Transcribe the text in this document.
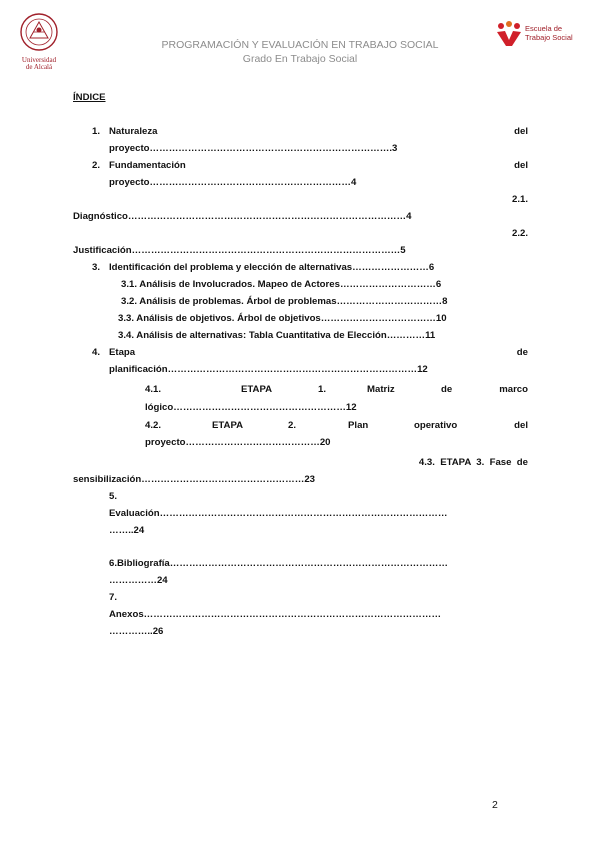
Universidad
de Alcalá
PROGRAMACIÓN Y EVALUACIÓN EN TRABAJO SOCIAL
Grado En Trabajo Social
Escuela de
Trabajo Social
ÍNDICE
1. Naturaleza	del
proyecto………………………………………………………………….3
2. Fundamentación	del
proyecto………………………………………………………4
2.1.
Diagnóstico……………………………………………………………………………4
2.2.
Justificación…………………………………………………………………………5
3. Identificación del problema y elección de alternativas……………………6
3.1. Análisis de Involucrados. Mapeo de Actores…………………………6
3.2. Análisis de problemas. Árbol de problemas……………………………8
3.3. Análisis de objetivos. Árbol de objetivos………………………………10
3.4. Análisis de alternativas: Tabla Cuantitativa de Elección…………11
4. Etapa	de
planificación……………………………………………………………………12
4.1.	ETAPA	1.	Matriz	de	marco
lógico………………………………………………12
4.2.	ETAPA	2.	Plan	operativo	del
proyecto……………………………………20
4.3.  ETAPA  3.  Fase  de
sensibilización……………………………………………23
5.
Evaluación………………………………………………………………………………
……..24
6.Bibliografía……………………………………………………………………………
……………24
7.
Anexos…………………………………………………………………………………
…………..26
2
